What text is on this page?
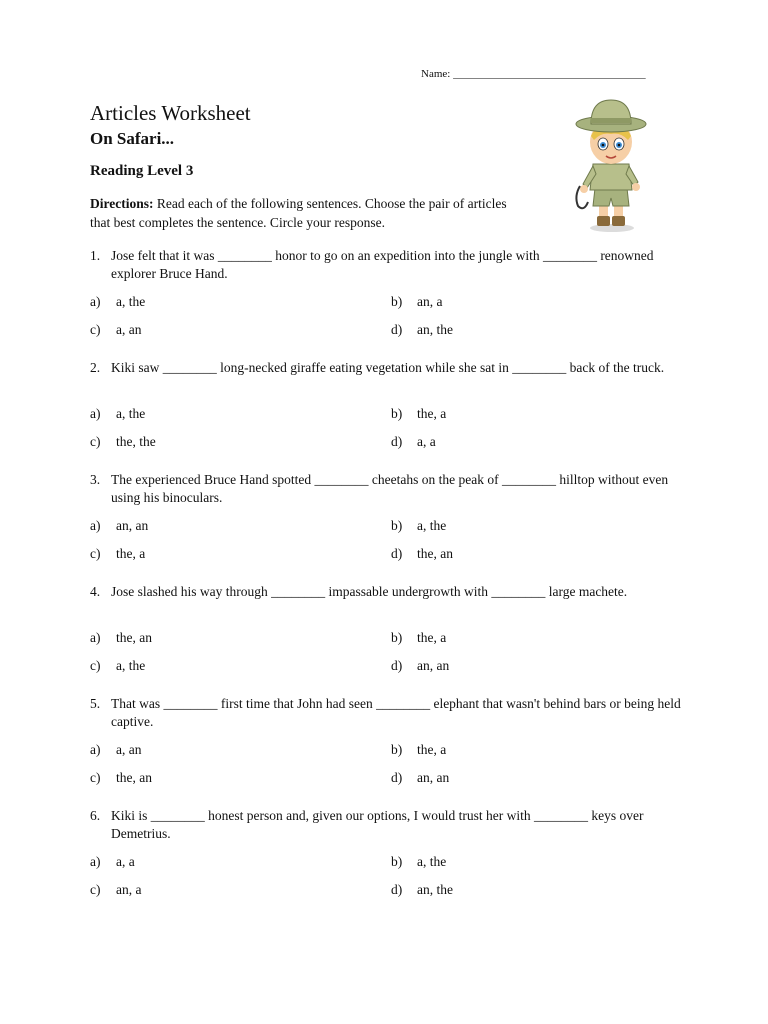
Name: ___________________________________
Articles Worksheet
On Safari...
Reading Level 3

Directions: Read each of the following sentences. Choose the pair of articles that best completes the sentence. Circle your response.

1. Jose felt that it was ________ honor to go on an expedition into the jungle with ________ renowned explorer Bruce Hand.
a) a, the	b) an, a
c) a, an	d) an, the
2. Kiki saw ________ long-necked giraffe eating vegetation while she sat in ________ back of the truck.
a) a, the	b) the, a
c) the, the	d) a, a
3. The experienced Bruce Hand spotted ________ cheetahs on the peak of ________ hilltop without even using his binoculars.
a) an, an	b) a, the
c) the, a	d) the, an
4. Jose slashed his way through ________ impassable undergrowth with ________ large machete.
a) the, an	b) the, a
c) a, the	d) an, an
5. That was ________ first time that John had seen ________ elephant that wasn't behind bars or being held captive.
a) a, an	b) the, a
c) the, an	d) an, an
6. Kiki is ________ honest person and, given our options, I would trust her with ________ keys over Demetrius.
a) a, a	b) a, the
c) an, a	d) an, the
